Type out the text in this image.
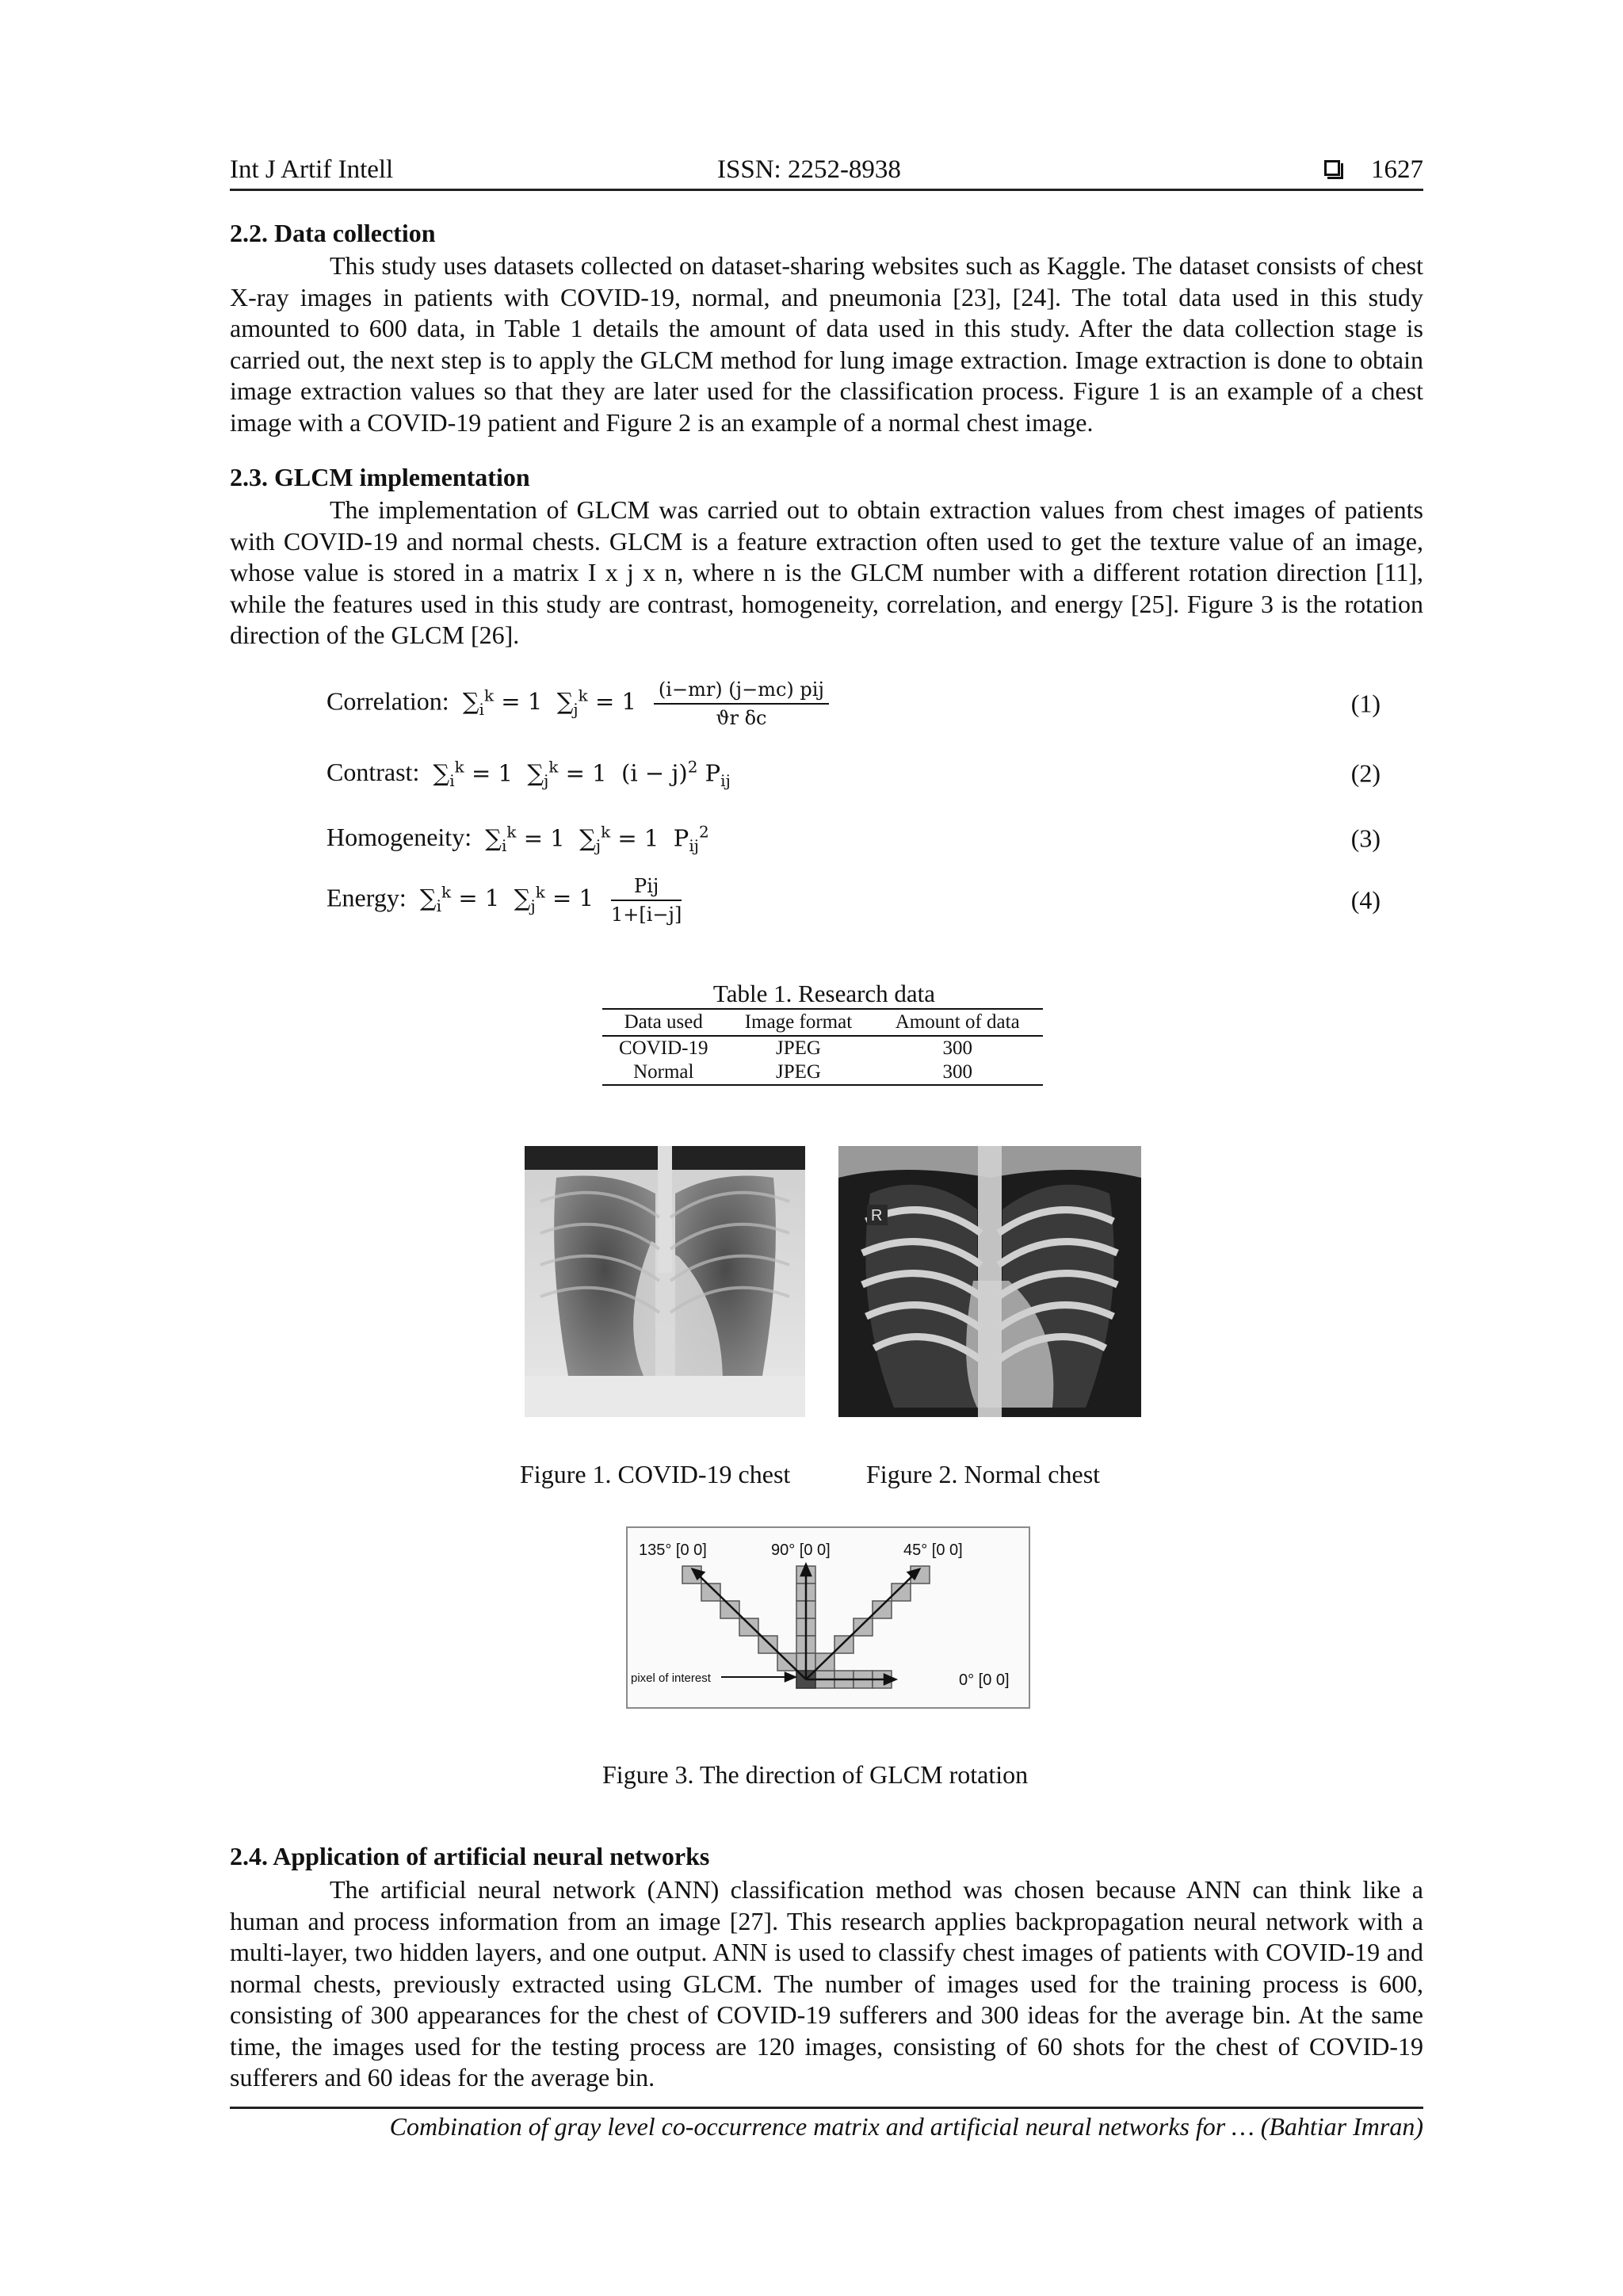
Int J Artif Intell	ISSN: 2252-8938	1627
2.2. Data collection

This study uses datasets collected on dataset-sharing websites such as Kaggle. The dataset consists of chest X-ray images in patients with COVID-19, normal, and pneumonia [23], [24]. The total data used in this study amounted to 600 data, in Table 1 details the amount of data used in this study. After the data collection stage is carried out, the next step is to apply the GLCM method for lung image extraction. Image extraction is done to obtain image extraction values so that they are later used for the classification process. Figure 1 is an example of a chest image with a COVID-19 patient and Figure 2 is an example of a normal chest image.

2.3. GLCM implementation

The implementation of GLCM was carried out to obtain extraction values from chest images of patients with COVID-19 and normal chests. GLCM is a feature extraction often used to get the texture value of an image, whose value is stored in a matrix I x j x n, where n is the GLCM number with a different rotation direction [11], while the features used in this study are contrast, homogeneity, correlation, and energy [25]. Figure 3 is the rotation direction of the GLCM [26].

Correlation:  $\sum_i^k = 1$  $\sum_j^k = 1 \frac{\text{(i−mr) (j−mc) pij}}{\text{ϑr δc}}$	(1)
Contrast:  $\sum_i^k = 1$  $\sum_j^k = 1$  $(i - j)^2$ $P_{ij}$	(2)
Homogeneity:  $\sum_i^k = 1$  $\sum_j^k = 1$  $P_{ij}^2$	(3)
Energy:  $\sum_i^k = 1$  $\sum_j^k = 1 \frac{\text{Pij}}{1+[i-j]}$	(4)
Table 1. Research data
Data used	Image format	Amount of data
COVID-19	JPEG	300
Normal	JPEG	300
R
Figure 1. COVID-19 chest	Figure 2. Normal chest
135° [0 0]	90° [0 0]	45° [0 0]
0° [0 0]
pixel of interest
Figure 3. The direction of GLCM rotation
2.4. Application of artificial neural networks

The artificial neural network (ANN) classification method was chosen because ANN can think like a human and process information from an image [27]. This research applies backpropagation neural network with a multi-layer, two hidden layers, and one output. ANN is used to classify chest images of patients with COVID-19 and normal chests, previously extracted using GLCM. The number of images used for the training process is 600, consisting of 300 appearances for the chest of COVID-19 sufferers and 300 ideas for the average bin. At the same time, the images used for the testing process are 120 images, consisting of 60 shots for the chest of COVID-19 sufferers and 60 ideas for the average bin.

Combination of gray level co-occurrence matrix and artificial neural networks for … (Bahtiar Imran)
